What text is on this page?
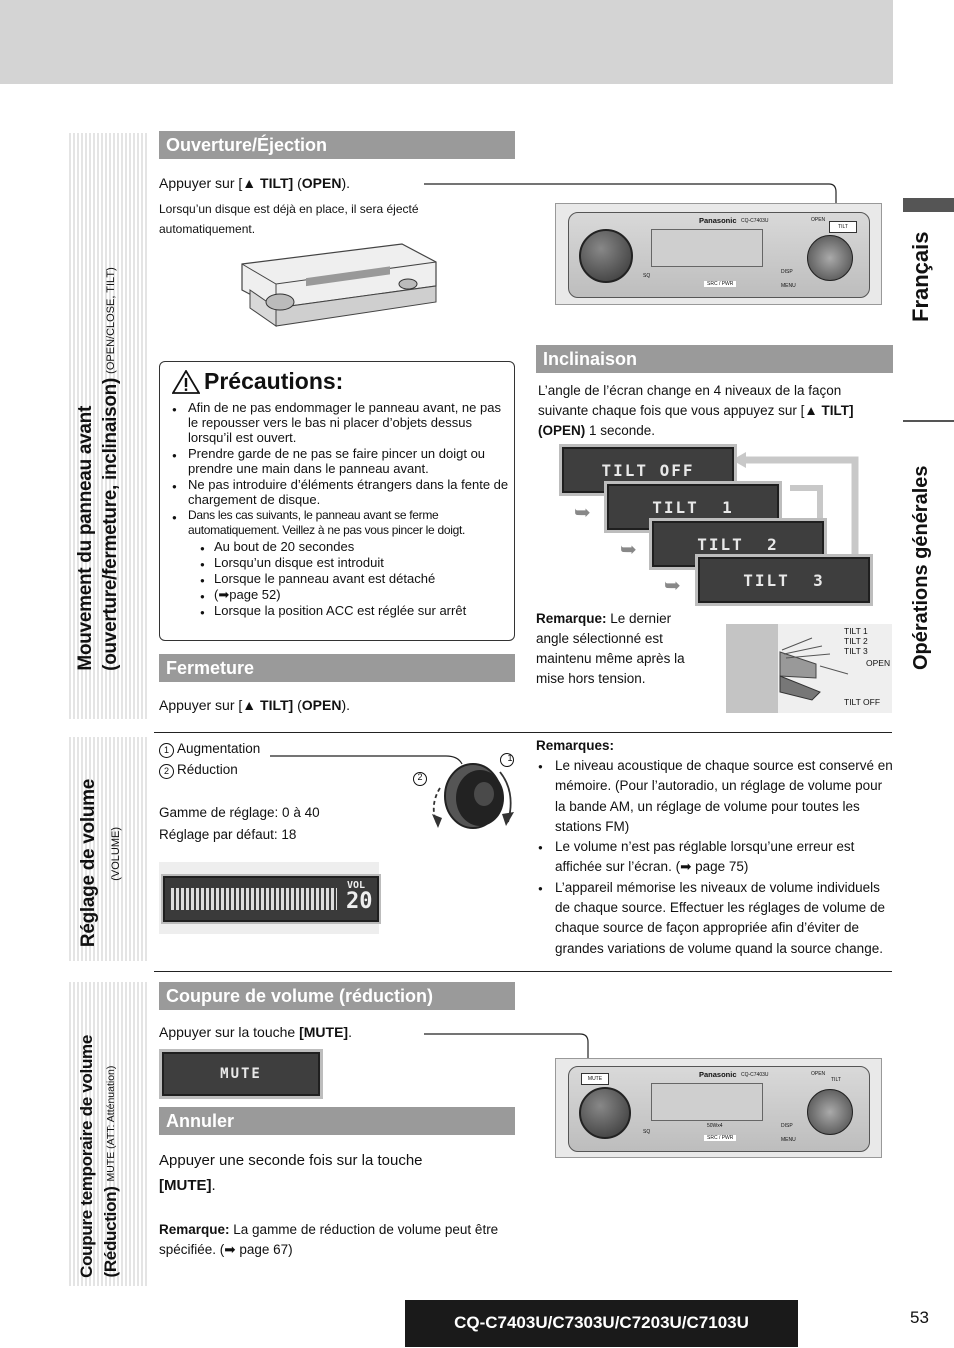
Mouvement du panneau avant (ouverture/fermeture, inclinaison) (OPEN/CLOSE, TILT)
Réglage de volume (VOLUME)
Coupure temporaire de volume (Réduction) MUTE (ATT: Atténuation)
Français
Opérations générales
Ouverture/Éjection
Appuyer sur [▲ TILT] (OPEN).
Lorsqu’un disque est déjà en place, il sera éjecté automatiquement.
Panasonic CQ-C7403U	OPEN
TILT
SQ
SRC / PWR
DISP
MENU
Précautions:
● Afin de ne pas endommager le panneau avant, ne pas le repousser vers le bas ni placer d’objets dessus lorsqu’il est ouvert.
● Prendre garde de ne pas se faire pincer un doigt ou prendre une main dans le panneau avant.
● Ne pas introduire d’éléments étrangers dans la fente de chargement de disque.
● Dans les cas suivants, le panneau avant se ferme automatiquement. Veillez à ne pas vous pincer le doigt.
● Au bout de 20 secondes
● Lorsqu’un disque est introduit
● Lorsque le panneau avant est détaché
● (➡page 52)
● Lorsque la position ACC est réglée sur arrêt
Fermeture
Appuyer sur [▲ TILT] (OPEN).
Inclinaison
L’angle de l’écran change en 4 niveaux de la façon suivante chaque fois que vous appuyez sur [▲ TILT] (OPEN) 1 seconde.
TILT OFF
TILT  1
TILT  2
TILT  3
➥
➥
➥
Remarque: Le dernier angle sélectionné est maintenu même après la mise hors tension.
TILT 1
TILT 2
TILT 3
OPEN
TILT OFF
1 Augmentation
2 Réduction
Gamme de réglage: 0 à 40
Réglage par défaut: 18
1
2
VOL
20
Remarques:
● Le niveau acoustique de chaque source est conservé en mémoire. (Pour l’autoradio, un réglage de volume pour la bande AM, un réglage de volume pour toutes les stations FM)
● Le volume n’est pas réglable lorsqu’une erreur est affichée sur l’écran. (➡ page 75)
● L’appareil mémorise les niveaux de volume individuels de chaque source. Effectuer les réglages de volume de chaque source de façon appropriée afin d’éviter de grandes variations de volume quand la source change.
Coupure de volume (réduction)
Appuyer sur la touche [MUTE].
MUTE	MUTE	Panasonic CQ-C7403U	OPEN
TILT
50Wx4
SQ
SRC / PWR
DISP
MENU
Annuler
Appuyer une seconde fois sur la touche
[MUTE].
Remarque: La gamme de réduction de volume peut être spécifiée. (➡ page 67)
CQ-C7403U/C7303U/C7203U/C7103U	53
